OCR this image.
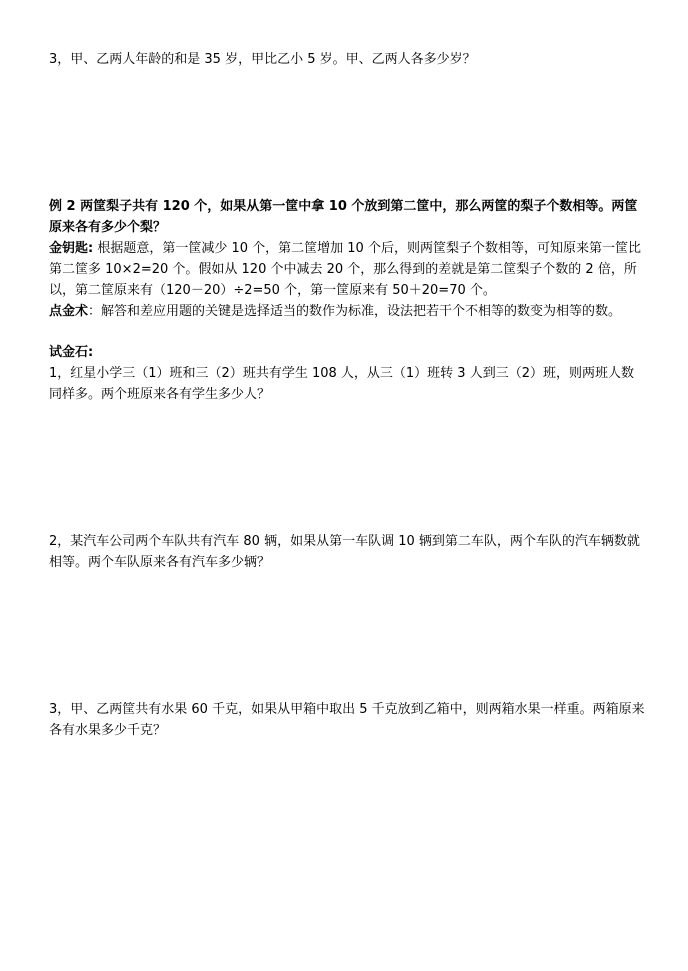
3，甲、乙两人年龄的和是 35 岁，甲比乙小 5 岁。甲、乙两人各多少岁？

例 2 两筐梨子共有 120 个，如果从第一筐中拿 10 个放到第二筐中，那么两筐的梨子个数相等。两筐原来各有多少个梨？

金钥匙: 根据题意，第一筐减少 10 个，第二筐增加 10 个后，则两筐梨子个数相等，可知原来第一筐比第二筐多 10×2=20 个。假如从 120 个中减去 20 个，那么得到的差就是第二筐梨子个数的 2 倍，所以，第二筐原来有（120－20）÷2=50 个，第一筐原来有 50＋20=70 个。

点金术：解答和差应用题的关键是选择适当的数作为标准，设法把若干个不相等的数变为相等的数。

试金石:

1，红星小学三（1）班和三（2）班共有学生 108 人，从三（1）班转 3 人到三（2）班，则两班人数同样多。两个班原来各有学生多少人？

2，某汽车公司两个车队共有汽车 80 辆，如果从第一车队调 10 辆到第二车队，两个车队的汽车辆数就相等。两个车队原来各有汽车多少辆？

3，甲、乙两筐共有水果 60 千克，如果从甲箱中取出 5 千克放到乙箱中，则两箱水果一样重。两箱原来各有水果多少千克？
